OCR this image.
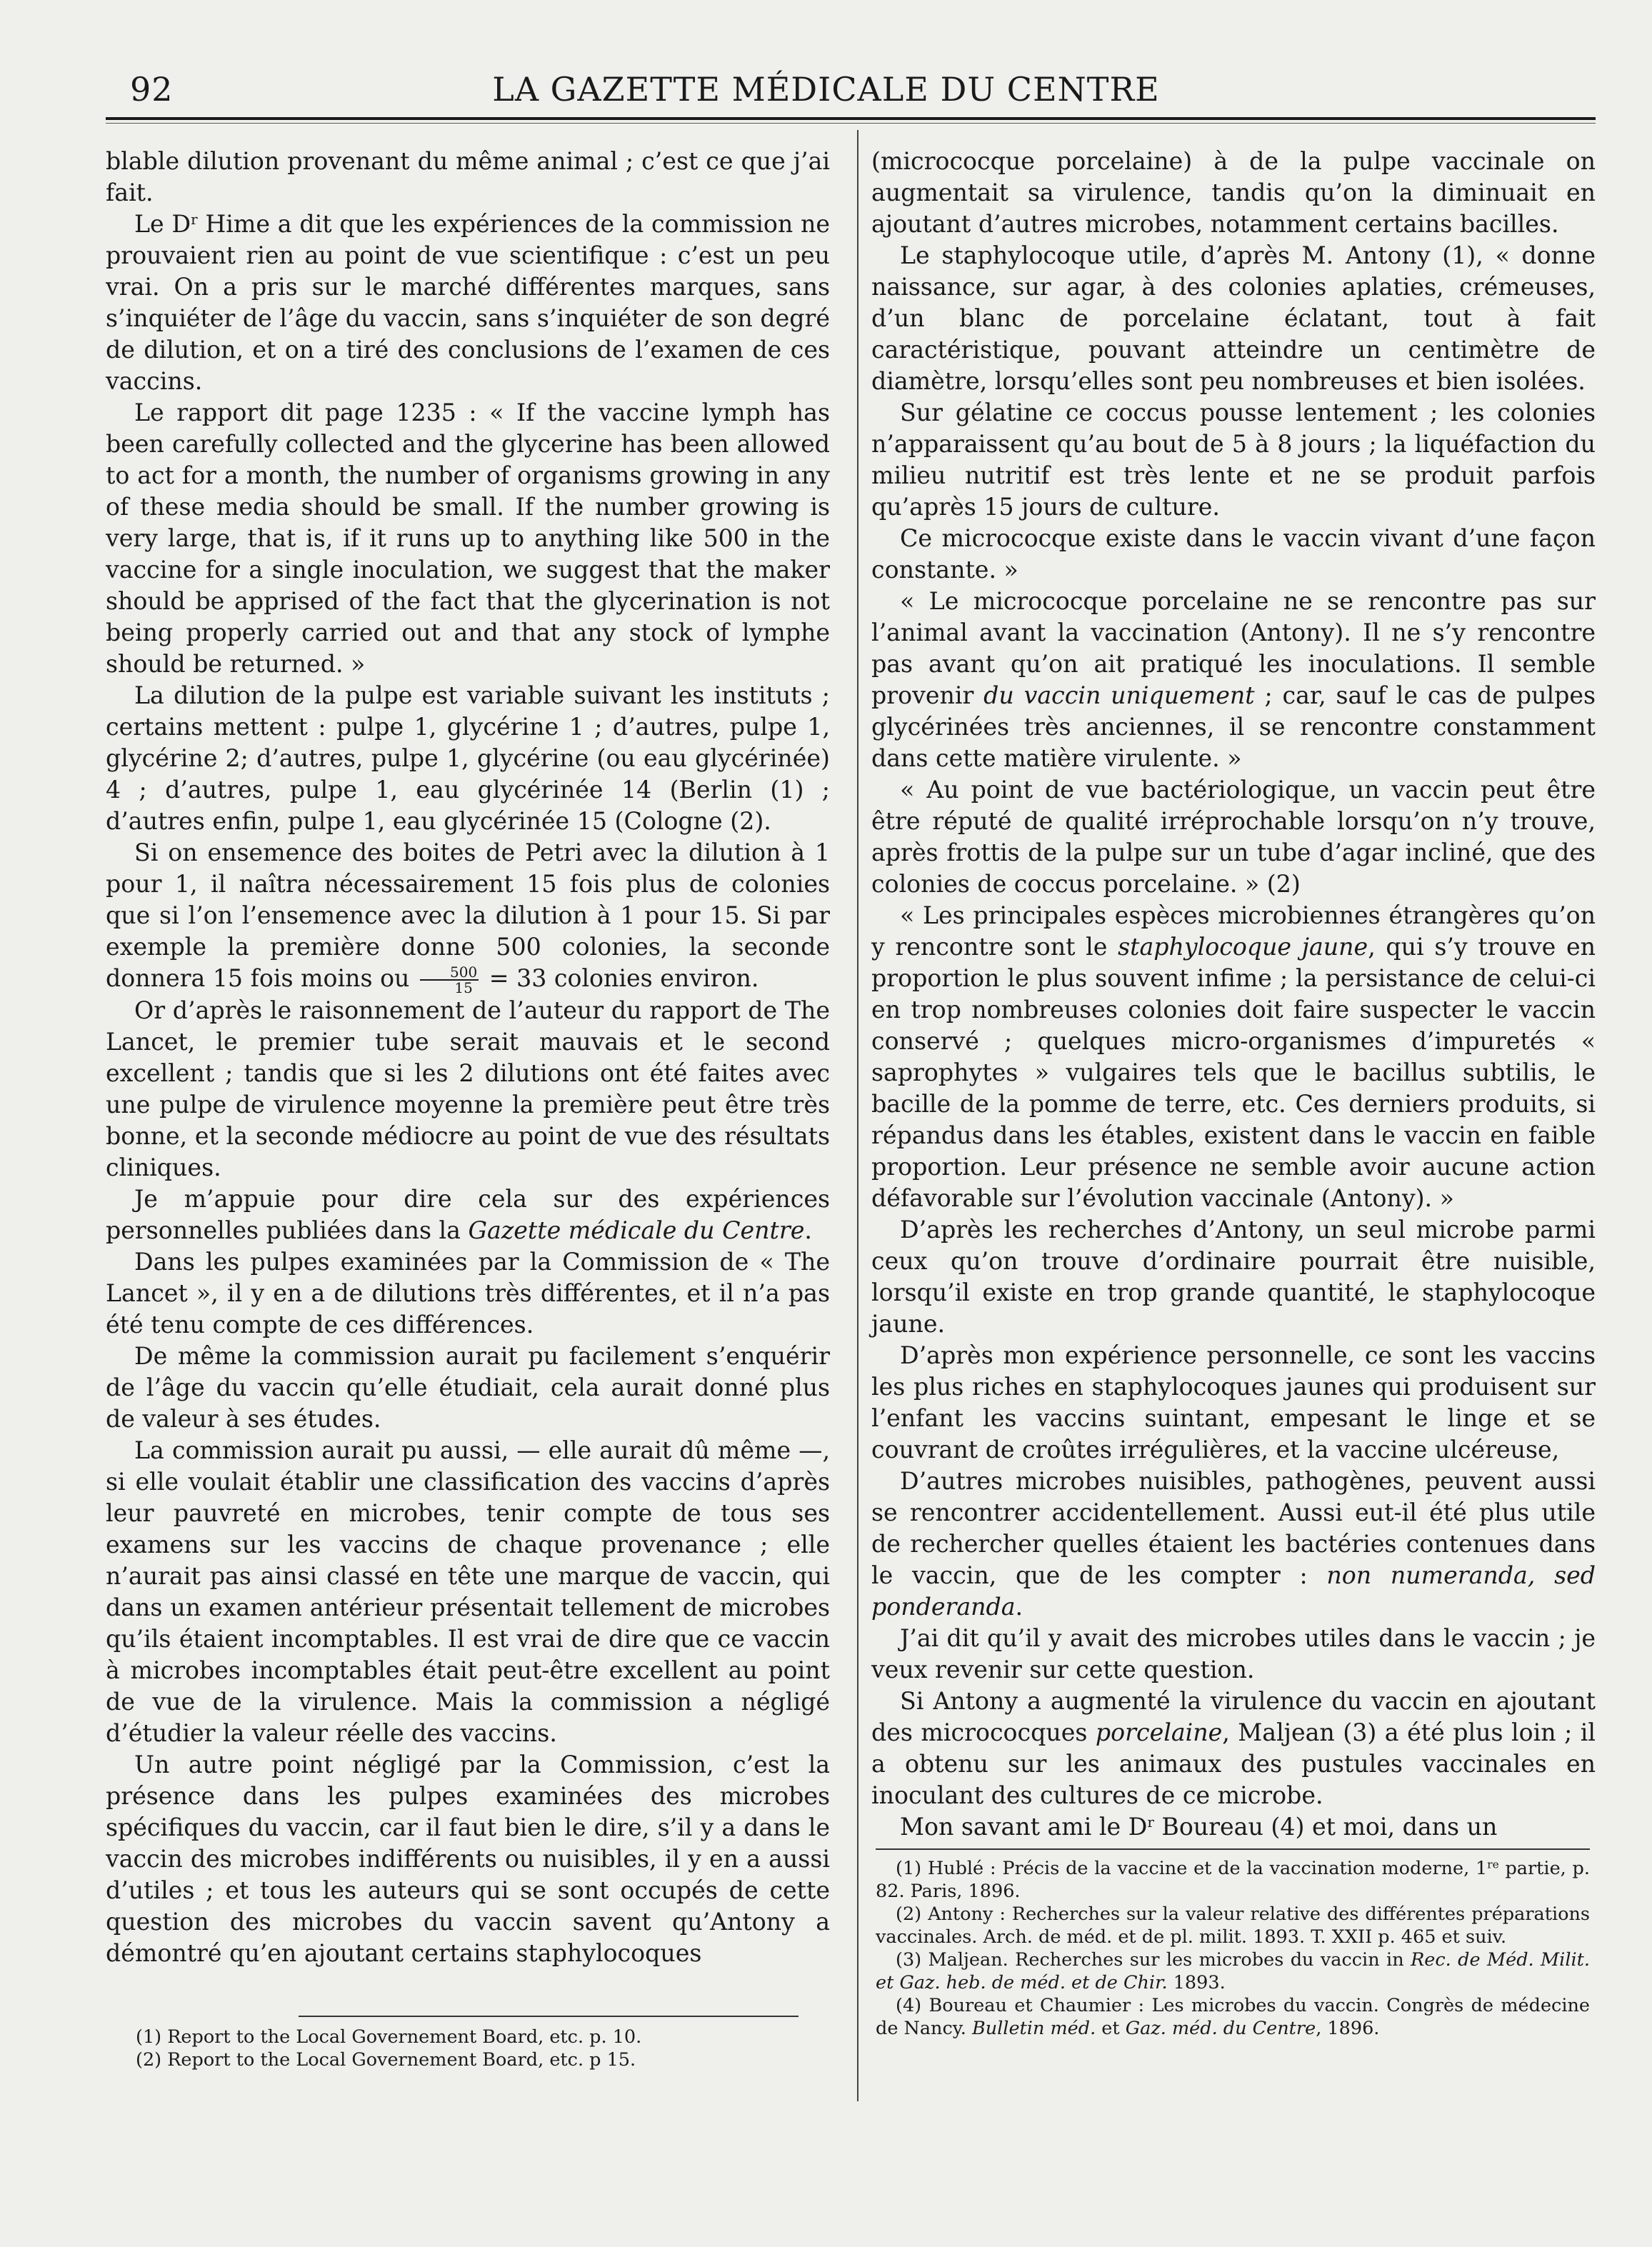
92	LA GAZETTE MÉDICALE DU CENTRE

blable dilution provenant du même animal ; c’est ce que j’ai fait.

Le $D^r$ Hime a dit que les expériences de la commission ne prouvaient rien au point de vue scientifique : c’est un peu vrai. On a pris sur le marché différentes marques, sans s’inquiéter de l’âge du vaccin, sans s’inquiéter de son degré de dilution, et on a tiré des conclusions de l’examen de ces vaccins.

Le rapport dit page 1235 : « If the vaccine lymph has been carefully collected and the glycerine has been allowed to act for a month, the number of organisms growing in any of these media should be small. If the number growing is very large, that is, if it runs up to anything like 500 in the vaccine for a single inoculation, we suggest that the maker should be apprised of the fact that the glycerination is not being properly carried out and that any stock of lymphe should be returned. »

La dilution de la pulpe est variable suivant les instituts ; certains mettent : pulpe 1, glycérine 1 ; d’autres, pulpe 1, glycérine 2; d’autres, pulpe 1, glycérine (ou eau glycérinée) 4 ; d’autres, pulpe 1, eau glycérinée 14 (Berlin (1) ; d’autres enfin, pulpe 1, eau glycérinée 15 (Cologne (2).

Si on ensemence des boites de Petri avec la dilution à 1 pour 1, il naîtra nécessairement 15 fois plus de colonies que si l’on l’ensemence avec la dilution à 1 pour 15. Si par exemple la première donne 500 colonies, la seconde donnera 15 fois moins ou $\frac{500}{15} = 33$ colonies environ.

Or d’après le raisonnement de l’auteur du rapport de The Lancet, le premier tube serait mauvais et le second excellent ; tandis que si les 2 dilutions ont été faites avec une pulpe de virulence moyenne la première peut être très bonne, et la seconde médiocre au point de vue des résultats cliniques.

Je m’appuie pour dire cela sur des expériences personnelles publiées dans la Gazette médicale du Centre.

Dans les pulpes examinées par la Commission de « The Lancet », il y en a de dilutions très différentes, et il n’a pas été tenu compte de ces différences.

De même la commission aurait pu facilement s’enquérir de l’âge du vaccin qu’elle étudiait, cela aurait donné plus de valeur à ses études.

La commission aurait pu aussi, — elle aurait dû même —, si elle voulait établir une classification des vaccins d’après leur pauvreté en microbes, tenir compte de tous ses examens sur les vaccins de chaque provenance ; elle n’aurait pas ainsi classé en tête une marque de vaccin, qui dans un examen antérieur présentait tellement de microbes qu’ils étaient incomptables. Il est vrai de dire que ce vaccin à microbes incomptables était peut-être excellent au point de vue de la virulence. Mais la commission a négligé d’étudier la valeur réelle des vaccins.

Un autre point négligé par la Commission, c’est la présence dans les pulpes examinées des microbes spécifiques du vaccin, car il faut bien le dire, s’il y a dans le vaccin des microbes indifférents ou nuisibles, il y en a aussi d’utiles ; et tous les auteurs qui se sont occupés de cette question des microbes du vaccin savent qu’Antony a démontré qu’en ajoutant certains staphylocoques

(1) Report to the Local Governement Board, etc. p. 10.

(2) Report to the Local Governement Board, etc. p 15.

(micrococque porcelaine) à de la pulpe vaccinale on augmentait sa virulence, tandis qu’on la diminuait en ajoutant d’autres microbes, notamment certains bacilles.

Le staphylocoque utile, d’après M. Antony (1), « donne naissance, sur agar, à des colonies aplaties, crémeuses, d’un blanc de porcelaine éclatant, tout à fait caractéristique, pouvant atteindre un centimètre de diamètre, lorsqu’elles sont peu nombreuses et bien isolées.

Sur gélatine ce coccus pousse lentement ; les colonies n’apparaissent qu’au bout de 5 à 8 jours ; la liquéfaction du milieu nutritif est très lente et ne se produit parfois qu’après 15 jours de culture.

Ce micrococque existe dans le vaccin vivant d’une façon constante. »

« Le micrococque porcelaine ne se rencontre pas sur l’animal avant la vaccination (Antony). Il ne s’y rencontre pas avant qu’on ait pratiqué les inoculations. Il semble provenir du vaccin uniquement ; car, sauf le cas de pulpes glycérinées très anciennes, il se rencontre constamment dans cette matière virulente. »

« Au point de vue bactériologique, un vaccin peut être être réputé de qualité irréprochable lorsqu’on n’y trouve, après frottis de la pulpe sur un tube d’agar incliné, que des colonies de coccus porcelaine. » (2)

« Les principales espèces microbiennes étrangères qu’on y rencontre sont le staphylocoque jaune, qui s’y trouve en proportion le plus souvent infime ; la persistance de celui-ci en trop nombreuses colonies doit faire suspecter le vaccin conservé ; quelques micro-organismes d’impuretés « saprophytes » vulgaires tels que le bacillus subtilis, le bacille de la pomme de terre, etc. Ces derniers produits, si répandus dans les étables, existent dans le vaccin en faible proportion. Leur présence ne semble avoir aucune action défavorable sur l’évolution vaccinale (Antony). »

D’après les recherches d’Antony, un seul microbe parmi ceux qu’on trouve d’ordinaire pourrait être nuisible, lorsqu’il existe en trop grande quantité, le staphylocoque jaune.

D’après mon expérience personnelle, ce sont les vaccins les plus riches en staphylocoques jaunes qui produisent sur l’enfant les vaccins suintant, empesant le linge et se couvrant de croûtes irrégulières, et la vaccine ulcéreuse,

D’autres microbes nuisibles, pathogènes, peuvent aussi se rencontrer accidentellement. Aussi eut-il été plus utile de rechercher quelles étaient les bactéries contenues dans le vaccin, que de les compter : non numeranda, sed ponderanda.

J’ai dit qu’il y avait des microbes utiles dans le vaccin ; je veux revenir sur cette question.

Si Antony a augmenté la virulence du vaccin en ajoutant des micrococques porcelaine, Maljean (3) a été plus loin ; il a obtenu sur les animaux des pustules vaccinales en inoculant des cultures de ce microbe.

Mon savant ami le $D^r$ Boureau (4) et moi, dans un

(1) Hublé : Précis de la vaccine et de la vaccination moderne, 1re partie, p. 82. Paris, 1896.

(2) Antony : Recherches sur la valeur relative des différentes préparations vaccinales. Arch. de méd. et de pl. milit. 1893. T. XXII p. 465 et suiv.

(3) Maljean. Recherches sur les microbes du vaccin in Rec. de Méd. Milit. et Gaz. heb. de méd. et de Chir. 1893.

(4) Boureau et Chaumier : Les microbes du vaccin. Congrès de médecine de Nancy. Bulletin méd. et Gaz. méd. du Centre, 1896.
